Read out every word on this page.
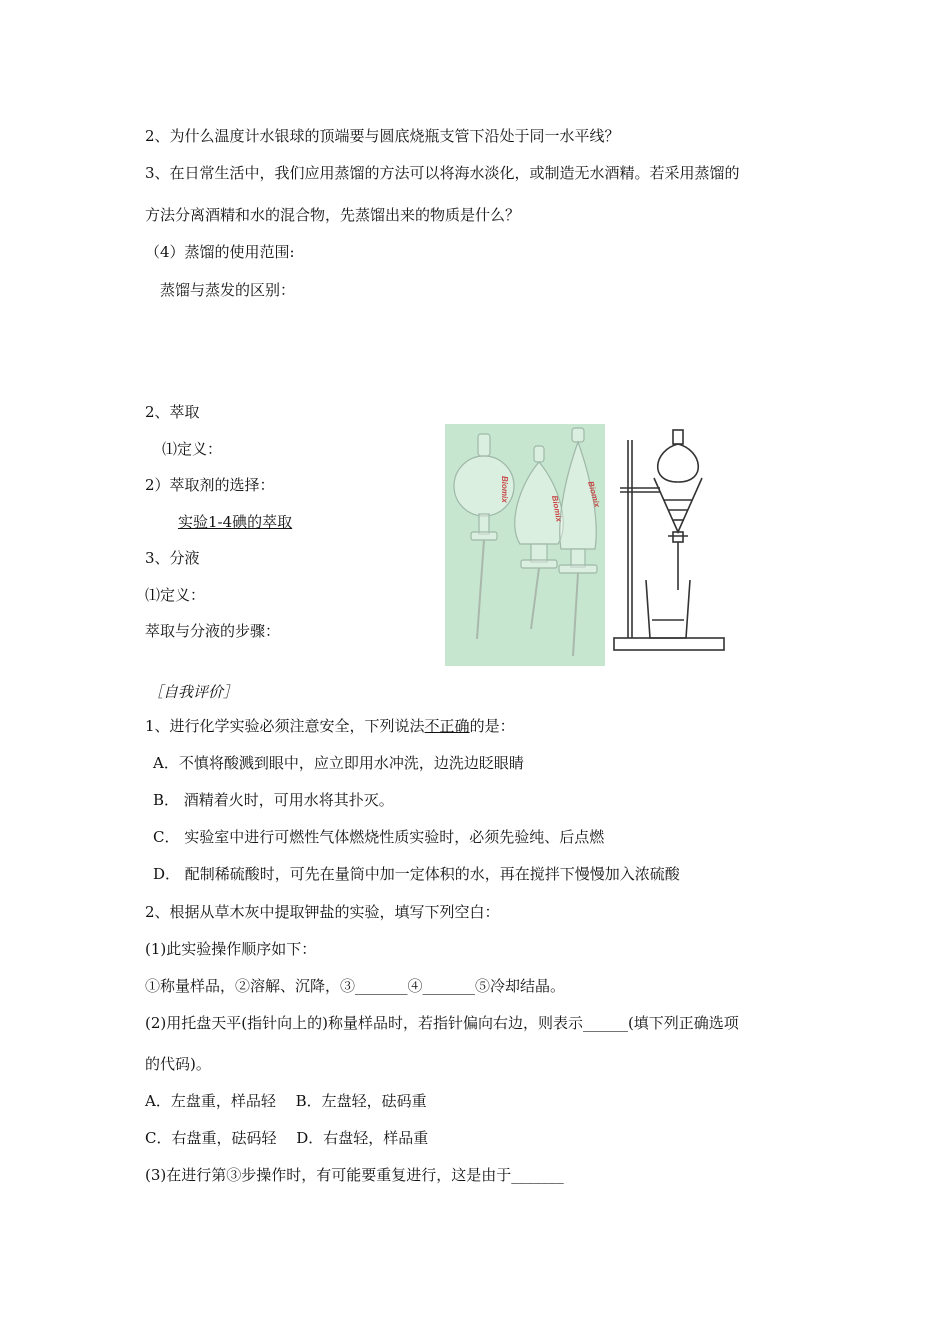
2、为什么温度计水银球的顶端要与圆底烧瓶支管下沿处于同一水平线？
3、在日常生活中，我们应用蒸馏的方法可以将海水淡化，或制造无水酒精。若采用蒸馏的
方法分离酒精和水的混合物，先蒸馏出来的物质是什么？
（4）蒸馏的使用范围:
蒸馏与蒸发的区别：
2、萃取
⑴定义：
2）萃取剂的选择：
实验1-4碘的萃取
3、分液
⑴定义：
萃取与分液的步骤：
Biomix
Biomix
Biomix
［自我评价］
1、进行化学实验必须注意安全，下列说法不正确的是：
A．不慎将酸溅到眼中，应立即用水冲洗，边洗边眨眼睛
B． 酒精着火时，可用水将其扑灭。
C． 实验室中进行可燃性气体燃烧性质实验时，必须先验纯、后点燃
D． 配制稀硫酸时，可先在量筒中加一定体积的水，再在搅拌下慢慢加入浓硫酸
2、根据从草木灰中提取钾盐的实验，填写下列空白：
(1)此实验操作顺序如下：
①称量样品，②溶解、沉降，③_______④_______⑤冷却结晶。
(2)用托盘天平(指针向上的)称量样品时，若指针偏向右边，则表示______(填下列正确选项
的代码)。
A．左盘重，样品轻　 B．左盘轻，砝码重
C．右盘重，砝码轻　 D．右盘轻，样品重
(3)在进行第③步操作时，有可能要重复进行，这是由于_______
